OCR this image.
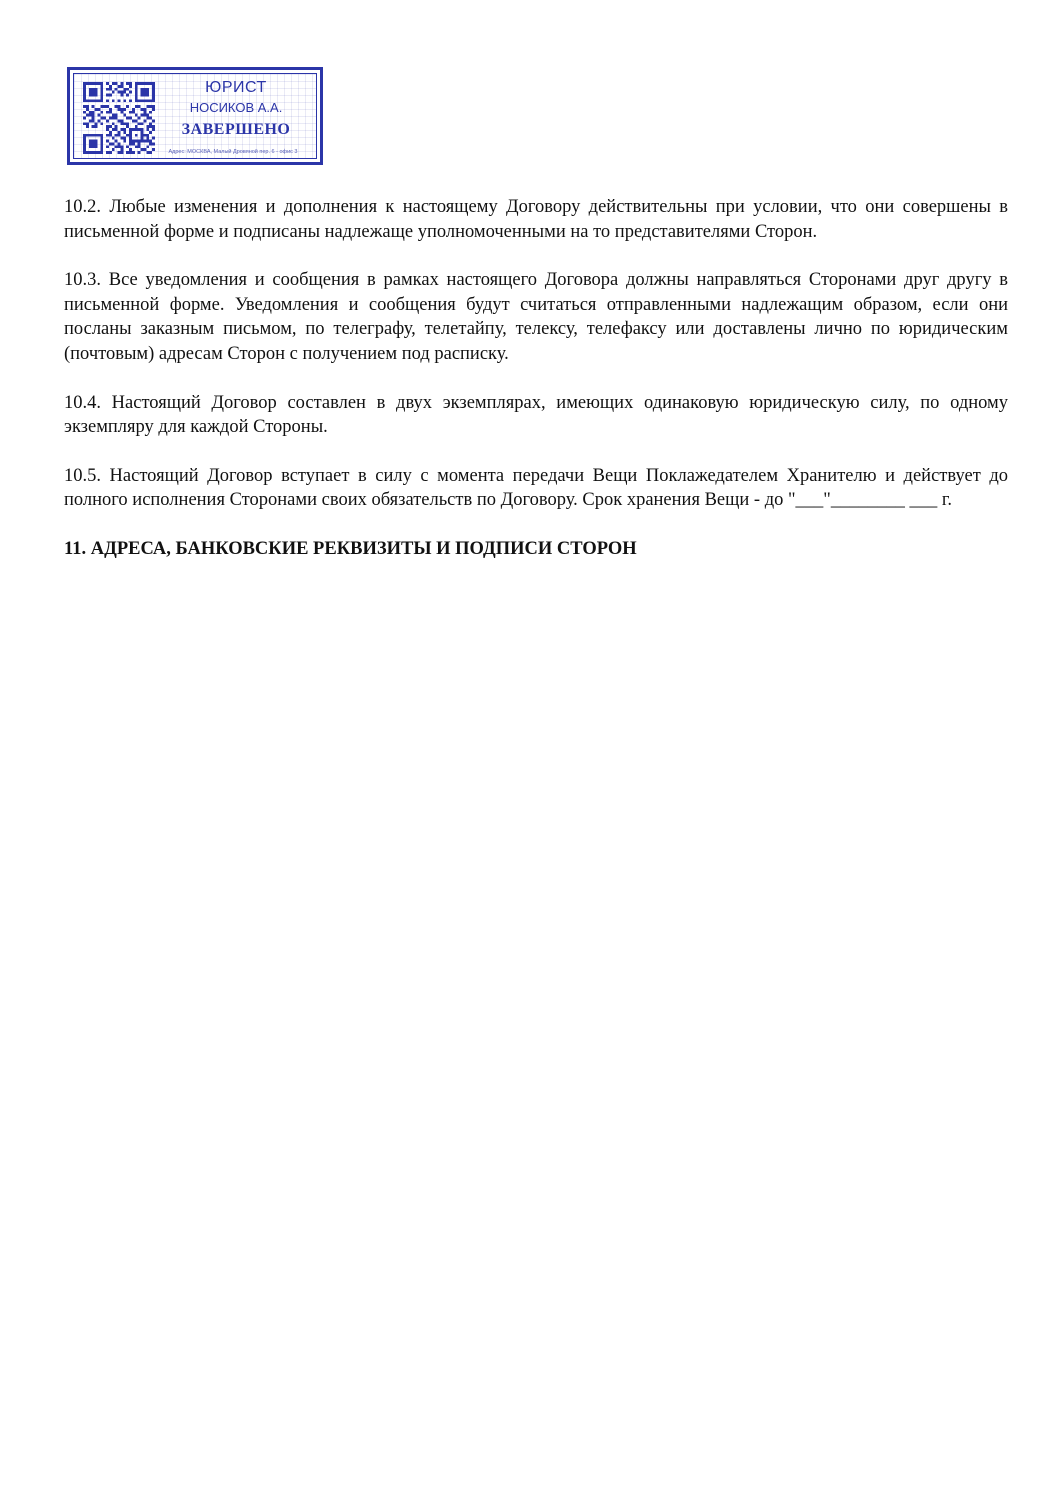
ЮРИСТ
НОСИКОВ А.А.
ЗАВЕРШЕНО
Адрес: МОСКВА, Малый Дровяной пер. 6 - офис 3

10.2. Любые изменения и дополнения к настоящему Договору действительны при условии, что они совершены в письменной форме и подписаны надлежаще уполномоченными на то представителями Сторон.

10.3. Все уведомления и сообщения в рамках настоящего Договора должны направляться Сторонами друг другу в письменной форме. Уведомления и сообщения будут считаться отправленными надлежащим образом, если они посланы заказным письмом, по телеграфу, телетайпу, телексу, телефаксу или доставлены лично по юридическим (почтовым) адресам Сторон с получением под расписку.

10.4. Настоящий Договор составлен в двух экземплярах, имеющих одинаковую юридическую силу, по одному экземпляру для каждой Стороны.

10.5. Настоящий Договор вступает в силу с момента передачи Вещи Поклажедателем Хранителю и действует до полного исполнения Сторонами своих обязательств по Договору. Срок хранения Вещи - до "___"________ ___ г.

11. АДРЕСА, БАНКОВСКИЕ РЕКВИЗИТЫ И ПОДПИСИ СТОРОН
